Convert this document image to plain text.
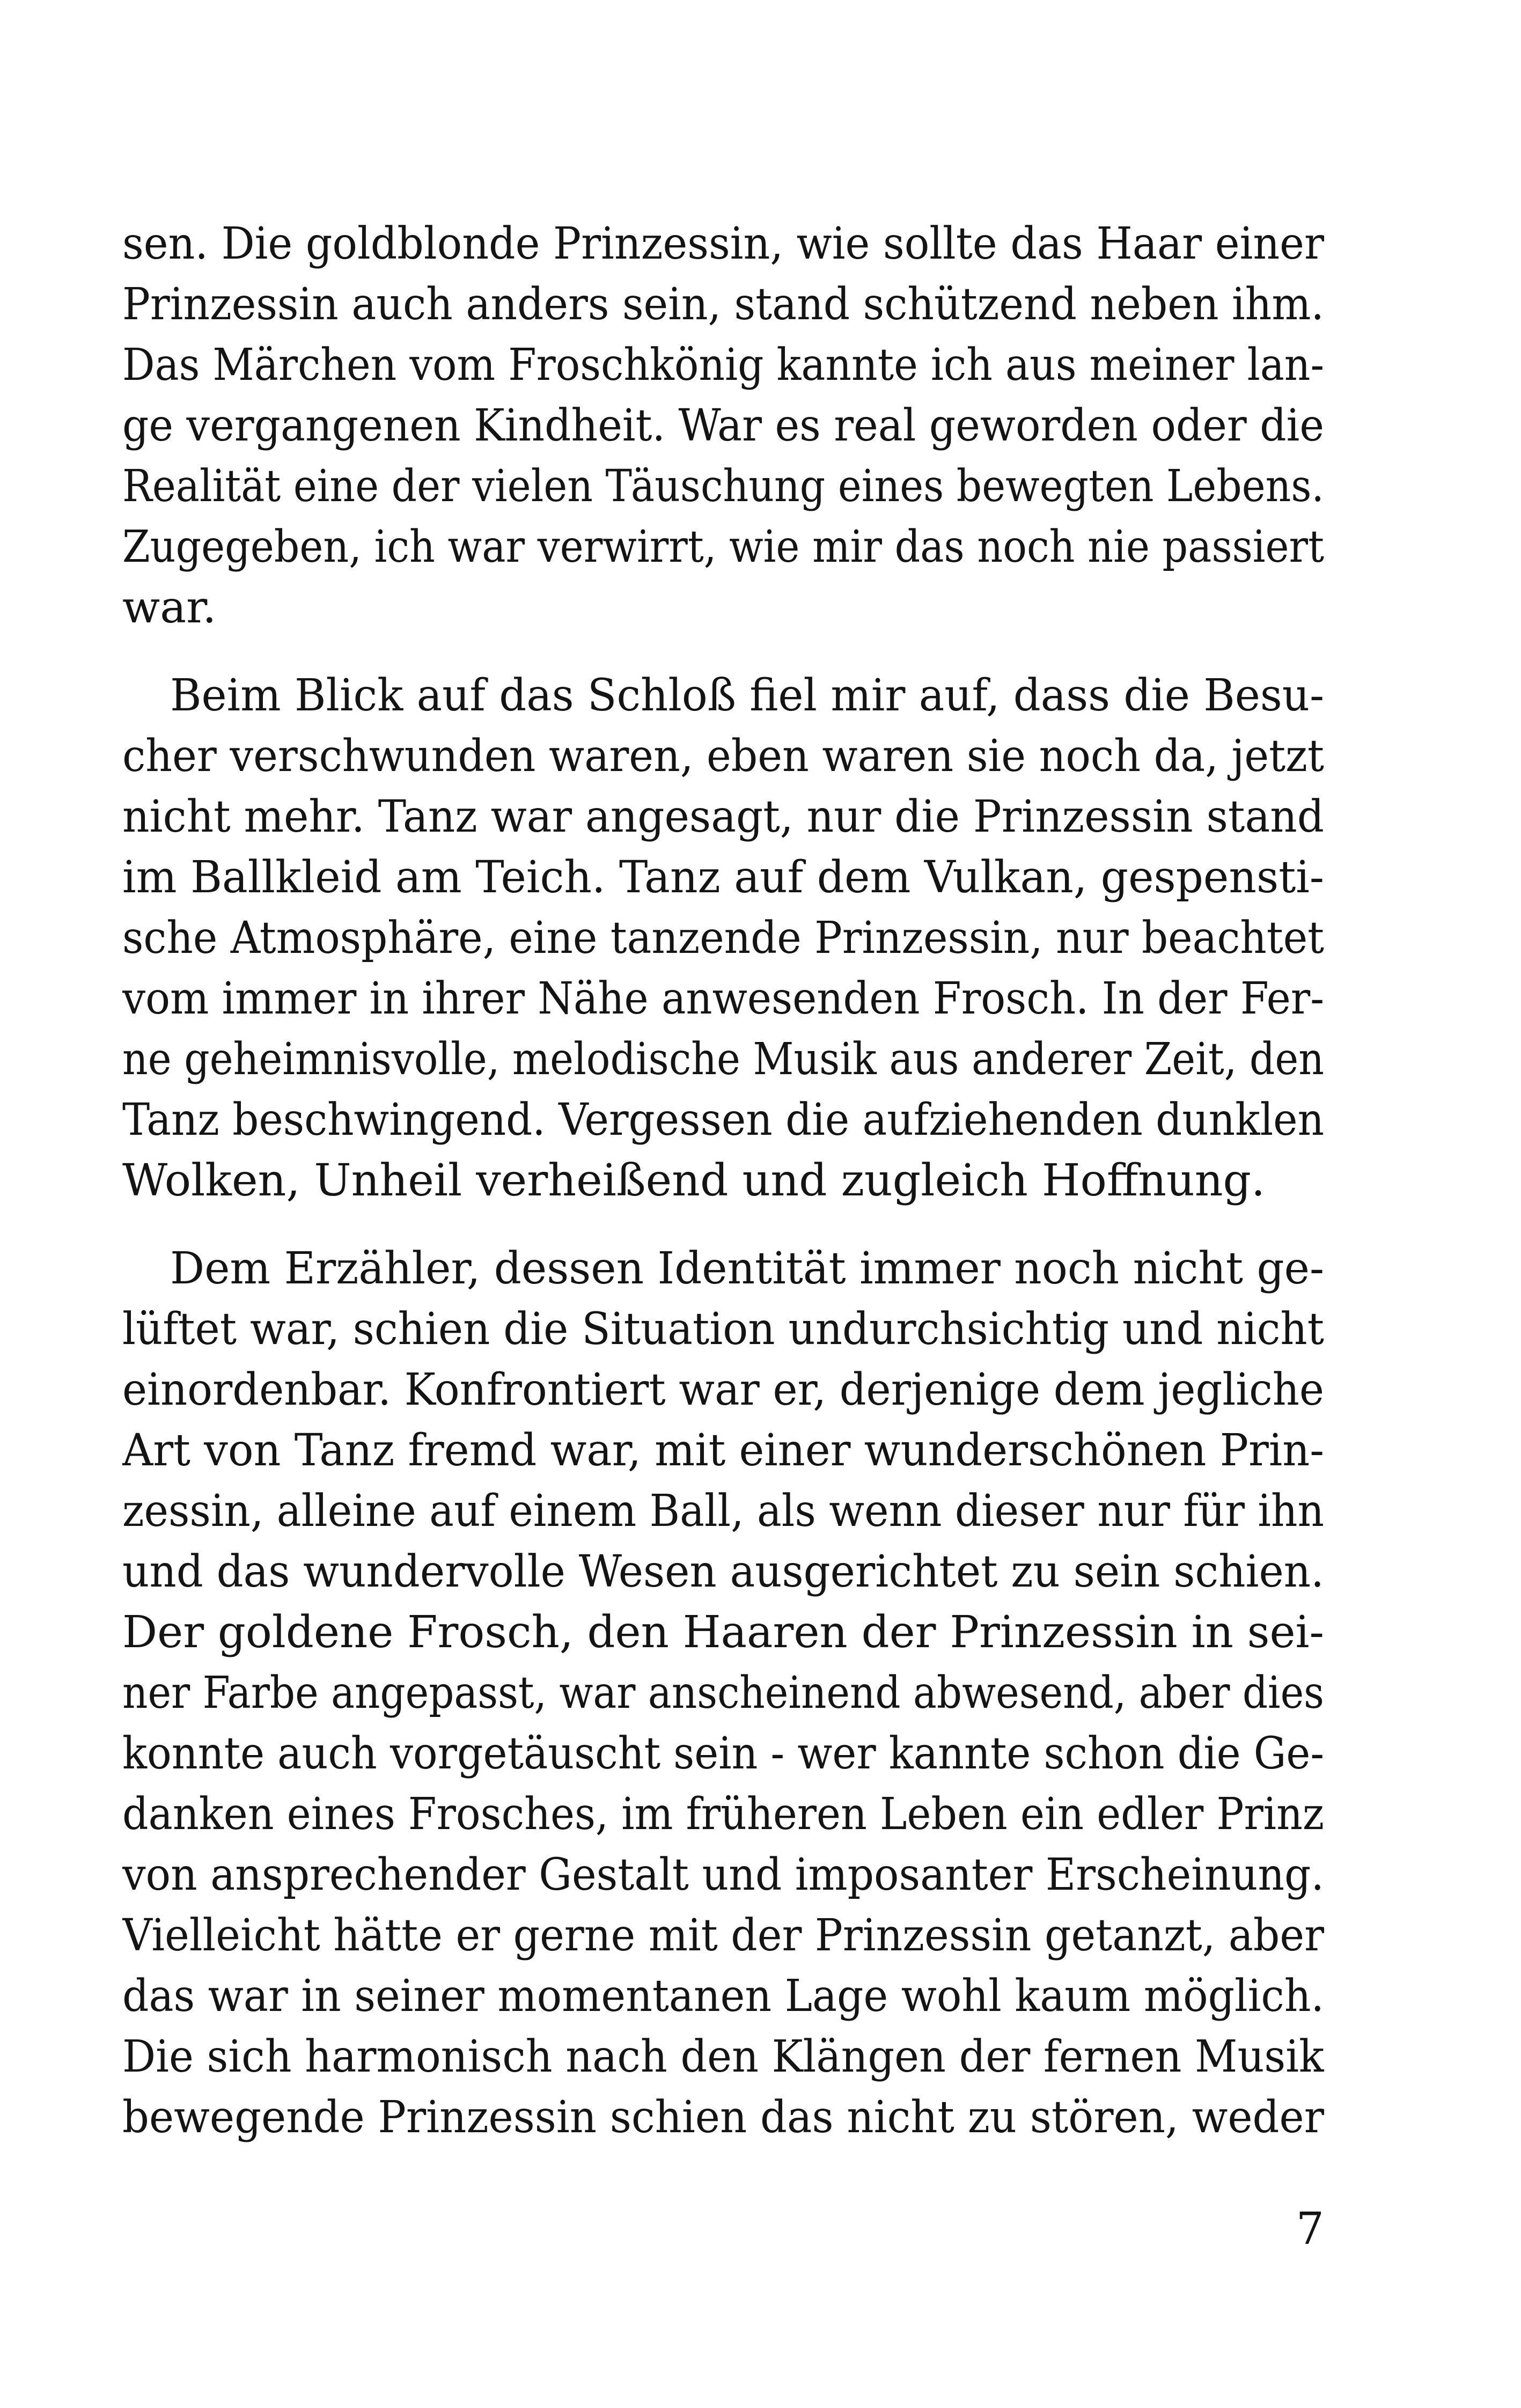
sen. Die goldblonde Prinzessin, wie sollte das Haar einer
Prinzessin auch anders sein, stand schützend neben ihm.
Das Märchen vom Froschkönig kannte ich aus meiner lan-
ge vergangenen Kindheit. War es real geworden oder die
Realität eine der vielen Täuschung eines bewegten Lebens.
Zugegeben, ich war verwirrt, wie mir das noch nie passiert
war.
Beim Blick auf das Schloß fiel mir auf, dass die Besu-
cher verschwunden waren, eben waren sie noch da, jetzt
nicht mehr. Tanz war angesagt, nur die Prinzessin stand
im Ballkleid am Teich. Tanz auf dem Vulkan, gespensti-
sche Atmosphäre, eine tanzende Prinzessin, nur beachtet
vom immer in ihrer Nähe anwesenden Frosch. In der Fer-
ne geheimnisvolle, melodische Musik aus anderer Zeit, den
Tanz beschwingend. Vergessen die aufziehenden dunklen
Wolken, Unheil verheißend und zugleich Hoffnung.
Dem Erzähler, dessen Identität immer noch nicht ge-
lüftet war, schien die Situation undurchsichtig und nicht
einordenbar. Konfrontiert war er, derjenige dem jegliche
Art von Tanz fremd war, mit einer wunderschönen Prin-
zessin, alleine auf einem Ball, als wenn dieser nur für ihn
und das wundervolle Wesen ausgerichtet zu sein schien.
Der goldene Frosch, den Haaren der Prinzessin in sei-
ner Farbe angepasst, war anscheinend abwesend, aber dies
konnte auch vorgetäuscht sein - wer kannte schon die Ge-
danken eines Frosches, im früheren Leben ein edler Prinz
von ansprechender Gestalt und imposanter Erscheinung.
Vielleicht hätte er gerne mit der Prinzessin getanzt, aber
das war in seiner momentanen Lage wohl kaum möglich.
Die sich harmonisch nach den Klängen der fernen Musik
bewegende Prinzessin schien das nicht zu stören, weder
7
